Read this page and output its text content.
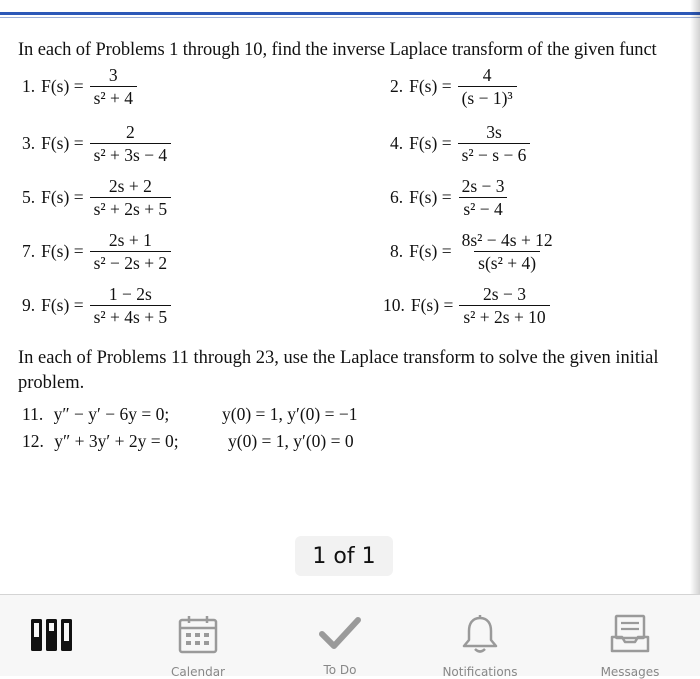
In each of Problems 1 through 10, find the inverse Laplace transform of the given funct
1. $F(s) = \frac{3}{\text{s² + 4}}$	2. $F(s) = \frac{4}{\text{(s − 1)³}}$
3. $F(s) = \frac{2}{\text{s² + 3s − 4}}$	4. $F(s) = \frac{3s}{\text{s² − s − 6}}$
5. $F(s) = \frac{2s + 2}{\text{s² + 2s + 5}}$	6. $F(s) = \frac{2s - 3}{\text{s² − 4}}$
7. $F(s) = \frac{2s + 1}{\text{s² − 2s + 2}}$	8. $F(s) = \frac{\text{8s² − 4s + 12}}{\text{s(s² + 4)}}$
9. $F(s) = \frac{1 - 2s}{\text{s² + 4s + 5}}$	10. $F(s) = \frac{2s - 3}{\text{s² + 2s + 10}}$
In each of Problems 11 through 23, use the Laplace transform to solve the given initial
problem.
11. y″ − y′ − 6y = 0;	y(0) = 1, y′(0) = −1
12. y″ + 3y′ + 2y = 0;	y(0) = 1, y′(0) = 0
1 of 1
Calendar	To Do	Notifications	Messages
